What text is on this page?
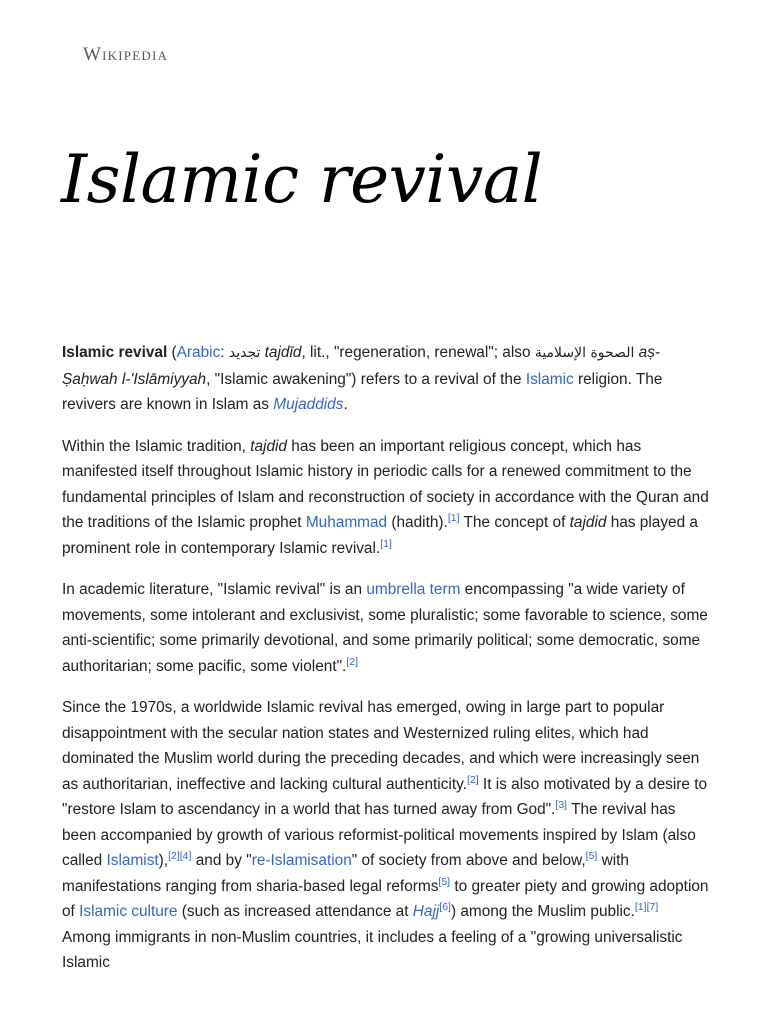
Wikipedia
Islamic revival

Islamic revival (Arabic: تجديد tajdīd, lit., "regeneration, renewal"; also الصحوة الإسلامية aṣ-Ṣaḥwah l-'Islāmiyyah, "Islamic awakening") refers to a revival of the Islamic religion. The revivers are known in Islam as Mujaddids.

Within the Islamic tradition, tajdid has been an important religious concept, which has manifested itself throughout Islamic history in periodic calls for a renewed commitment to the fundamental principles of Islam and reconstruction of society in accordance with the Quran and the traditions of the Islamic prophet Muhammad (hadith).[1] The concept of tajdid has played a prominent role in contemporary Islamic revival.[1]

In academic literature, "Islamic revival" is an umbrella term encompassing "a wide variety of movements, some intolerant and exclusivist, some pluralistic; some favorable to science, some anti-scientific; some primarily devotional, and some primarily political; some democratic, some authoritarian; some pacific, some violent".[2]

Since the 1970s, a worldwide Islamic revival has emerged, owing in large part to popular disappointment with the secular nation states and Westernized ruling elites, which had dominated the Muslim world during the preceding decades, and which were increasingly seen as authoritarian, ineffective and lacking cultural authenticity.[2] It is also motivated by a desire to "restore Islam to ascendancy in a world that has turned away from God".[3] The revival has been accompanied by growth of various reformist-political movements inspired by Islam (also called Islamist),[2][4] and by "re-Islamisation" of society from above and below,[5] with manifestations ranging from sharia-based legal reforms[5] to greater piety and growing adoption of Islamic culture (such as increased attendance at Hajj[6]) among the Muslim public.[1][7] Among immigrants in non-Muslim countries, it includes a feeling of a "growing universalistic Islamic
